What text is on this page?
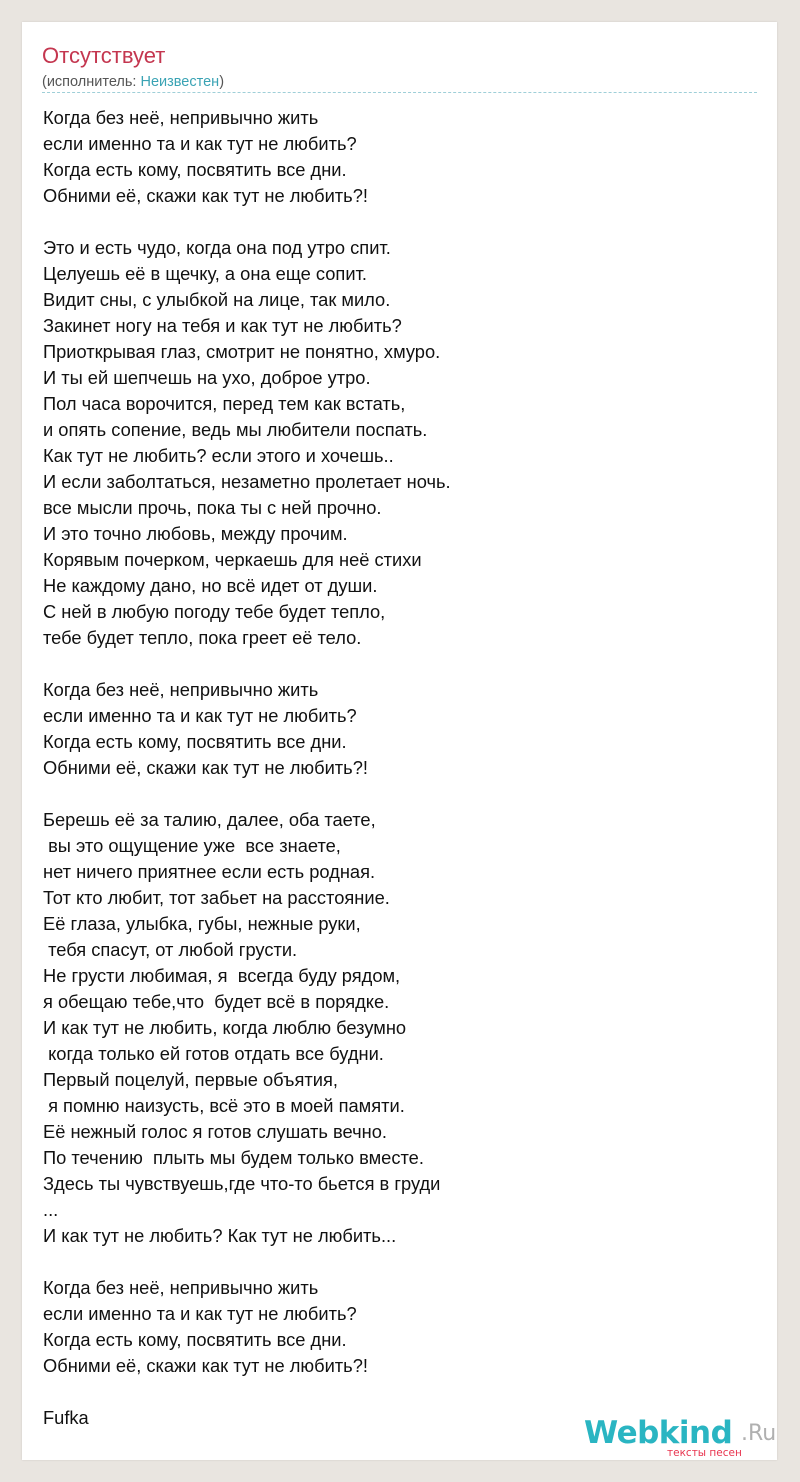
Отсутствует
(исполнитель: Неизвестен)
Когда без неё, непривычно жить
если именно та и как тут не любить?
Когда есть кому, посвятить все дни.
Обними её, скажи как тут не любить?!
Это и есть чудо, когда она под утро спит.
Целуешь её в щечку, а она еще сопит.
Видит сны, с улыбкой на лице, так мило.
Закинет ногу на тебя и как тут не любить?
Приоткрывая глаз, смотрит не понятно, хмуро.
И ты ей шепчешь на ухо, доброе утро.
Пол часа ворочится, перед тем как встать,
и опять сопение, ведь мы любители поспать.
Как тут не любить? если этого и хочешь..
И если заболтаться, незаметно пролетает ночь.
все мысли прочь, пока ты с ней прочно.
И это точно любовь, между прочим.
Корявым почерком, черкаешь для неё стихи
Не каждому дано, но всё идет от души.
С ней в любую погоду тебе будет тепло,
тебе будет тепло, пока греет её тело.
Когда без неё, непривычно жить
если именно та и как тут не любить?
Когда есть кому, посвятить все дни.
Обними её, скажи как тут не любить?!
Берешь её за талию, далее, оба таете,
вы это ощущение уже  все знаете,
нет ничего приятнее если есть родная.
Тот кто любит, тот забьет на расстояние.
Её глаза, улыбка, губы, нежные руки,
тебя спасут, от любой грусти.
Не грусти любимая, я  всегда буду рядом,
я обещаю тебе,что  будет всё в порядке.
И как тут не любить, когда люблю безумно
когда только ей готов отдать все будни.
Первый поцелуй, первые объятия,
я помню наизусть, всё это в моей памяти.
Её нежный голос я готов слушать вечно.
По течению  плыть мы будем только вместе.
Здесь ты чувствуешь,где что-то бьется в груди
...
И как тут не любить? Как тут не любить...
Когда без неё, непривычно жить
если именно та и как тут не любить?
Когда есть кому, посвятить все дни.
Обними её, скажи как тут не любить?!
Fufka	Webkind .Ru
тексты песен
